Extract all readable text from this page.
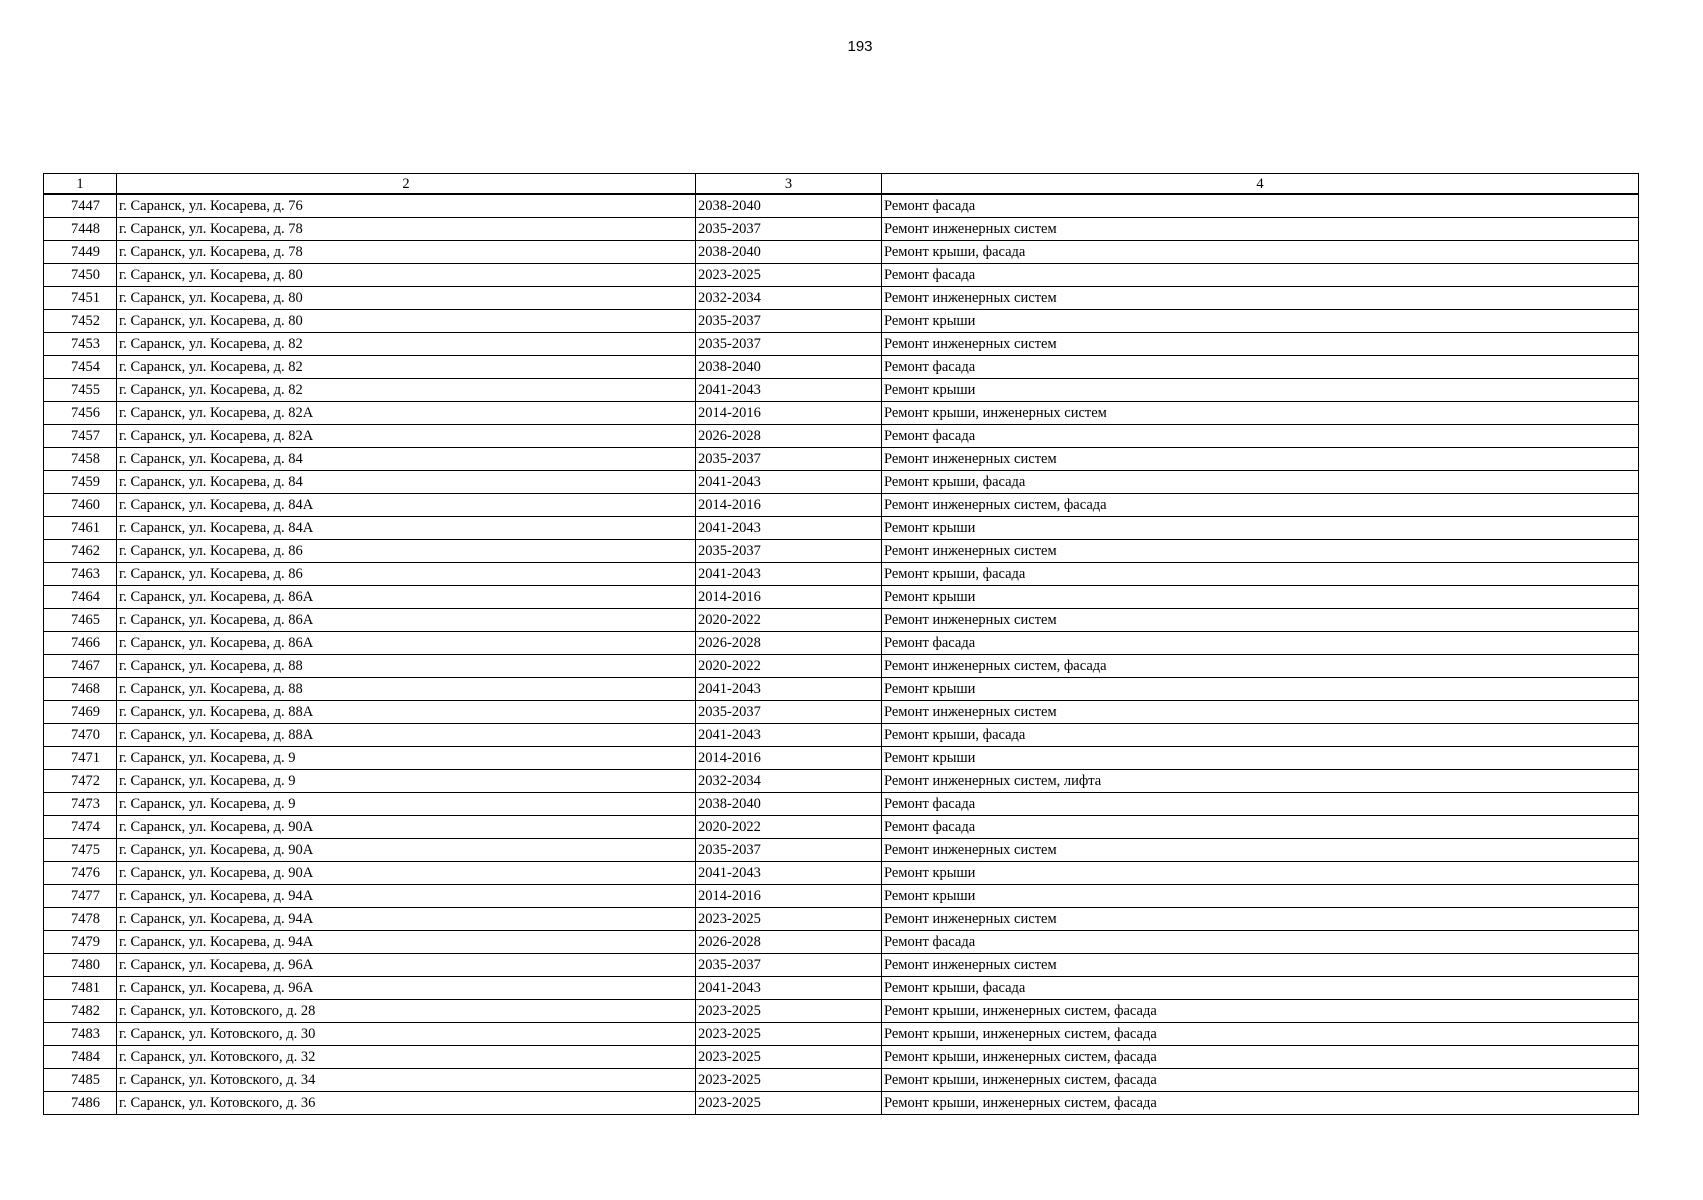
193
1	2	3	4
7447	г. Саранск, ул. Косарева, д. 76	2038-2040	Ремонт фасада
7448	г. Саранск, ул. Косарева, д. 78	2035-2037	Ремонт инженерных систем
7449	г. Саранск, ул. Косарева, д. 78	2038-2040	Ремонт крыши, фасада
7450	г. Саранск, ул. Косарева, д. 80	2023-2025	Ремонт фасада
7451	г. Саранск, ул. Косарева, д. 80	2032-2034	Ремонт инженерных систем
7452	г. Саранск, ул. Косарева, д. 80	2035-2037	Ремонт крыши
7453	г. Саранск, ул. Косарева, д. 82	2035-2037	Ремонт инженерных систем
7454	г. Саранск, ул. Косарева, д. 82	2038-2040	Ремонт фасада
7455	г. Саранск, ул. Косарева, д. 82	2041-2043	Ремонт крыши
7456	г. Саранск, ул. Косарева, д. 82А	2014-2016	Ремонт крыши, инженерных систем
7457	г. Саранск, ул. Косарева, д. 82А	2026-2028	Ремонт фасада
7458	г. Саранск, ул. Косарева, д. 84	2035-2037	Ремонт инженерных систем
7459	г. Саранск, ул. Косарева, д. 84	2041-2043	Ремонт крыши, фасада
7460	г. Саранск, ул. Косарева, д. 84А	2014-2016	Ремонт инженерных систем, фасада
7461	г. Саранск, ул. Косарева, д. 84А	2041-2043	Ремонт крыши
7462	г. Саранск, ул. Косарева, д. 86	2035-2037	Ремонт инженерных систем
7463	г. Саранск, ул. Косарева, д. 86	2041-2043	Ремонт крыши, фасада
7464	г. Саранск, ул. Косарева, д. 86А	2014-2016	Ремонт крыши
7465	г. Саранск, ул. Косарева, д. 86А	2020-2022	Ремонт инженерных систем
7466	г. Саранск, ул. Косарева, д. 86А	2026-2028	Ремонт фасада
7467	г. Саранск, ул. Косарева, д. 88	2020-2022	Ремонт инженерных систем, фасада
7468	г. Саранск, ул. Косарева, д. 88	2041-2043	Ремонт крыши
7469	г. Саранск, ул. Косарева, д. 88А	2035-2037	Ремонт инженерных систем
7470	г. Саранск, ул. Косарева, д. 88А	2041-2043	Ремонт крыши, фасада
7471	г. Саранск, ул. Косарева, д. 9	2014-2016	Ремонт крыши
7472	г. Саранск, ул. Косарева, д. 9	2032-2034	Ремонт инженерных систем, лифта
7473	г. Саранск, ул. Косарева, д. 9	2038-2040	Ремонт фасада
7474	г. Саранск, ул. Косарева, д. 90А	2020-2022	Ремонт фасада
7475	г. Саранск, ул. Косарева, д. 90А	2035-2037	Ремонт инженерных систем
7476	г. Саранск, ул. Косарева, д. 90А	2041-2043	Ремонт крыши
7477	г. Саранск, ул. Косарева, д. 94А	2014-2016	Ремонт крыши
7478	г. Саранск, ул. Косарева, д. 94А	2023-2025	Ремонт инженерных систем
7479	г. Саранск, ул. Косарева, д. 94А	2026-2028	Ремонт фасада
7480	г. Саранск, ул. Косарева, д. 96А	2035-2037	Ремонт инженерных систем
7481	г. Саранск, ул. Косарева, д. 96А	2041-2043	Ремонт крыши, фасада
7482	г. Саранск, ул. Котовского, д. 28	2023-2025	Ремонт крыши, инженерных систем, фасада
7483	г. Саранск, ул. Котовского, д. 30	2023-2025	Ремонт крыши, инженерных систем, фасада
7484	г. Саранск, ул. Котовского, д. 32	2023-2025	Ремонт крыши, инженерных систем, фасада
7485	г. Саранск, ул. Котовского, д. 34	2023-2025	Ремонт крыши, инженерных систем, фасада
7486	г. Саранск, ул. Котовского, д. 36	2023-2025	Ремонт крыши, инженерных систем, фасада
